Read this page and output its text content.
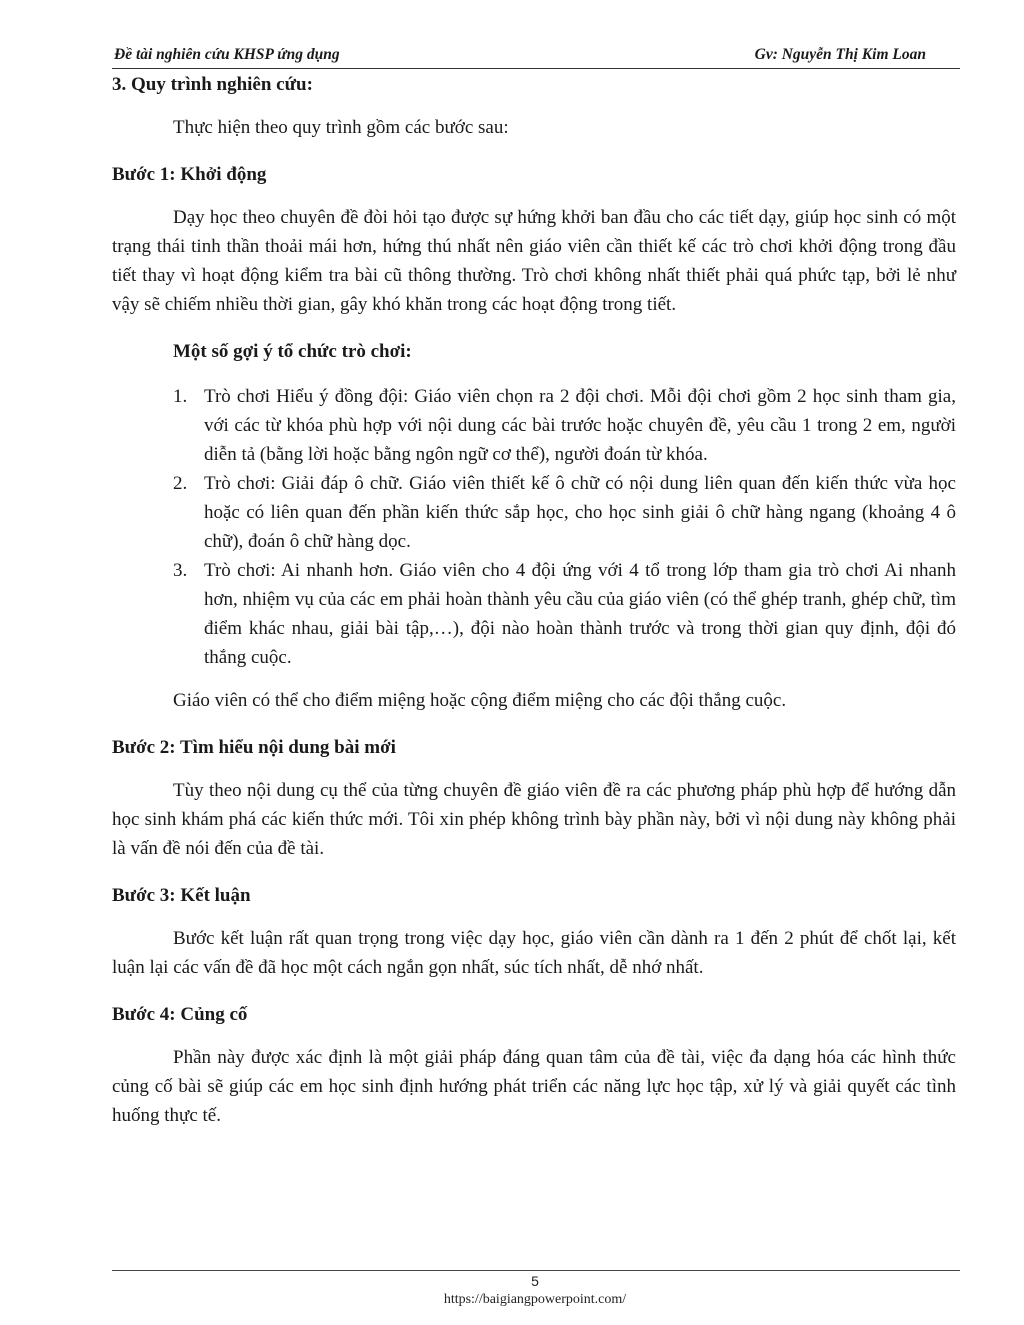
Đề tài nghiên cứu KHSP ứng dụng	Gv: Nguyễn Thị Kim Loan

3. Quy trình nghiên cứu:

Thực hiện theo quy trình gồm các bước sau:

Bước 1: Khởi động

Dạy học theo chuyên đề đòi hỏi tạo được sự hứng khởi ban đầu cho các tiết dạy, giúp học sinh có một trạng thái tinh thần thoải mái hơn, hứng thú nhất nên giáo viên cần thiết kế các trò chơi khởi động trong đầu tiết thay vì hoạt động kiểm tra bài cũ thông thường. Trò chơi không nhất thiết phải quá phức tạp, bởi lẻ như vậy sẽ chiếm nhiều thời gian, gây khó khăn trong các hoạt động trong tiết.

Một số gợi ý tổ chức trò chơi:

1. Trò chơi Hiểu ý đồng đội: Giáo viên chọn ra 2 đội chơi. Mỗi đội chơi gồm 2 học sinh tham gia, với các từ khóa phù hợp với nội dung các bài trước hoặc chuyên đề, yêu cầu 1 trong 2 em, người diễn tả (bằng lời hoặc bằng ngôn ngữ cơ thể), người đoán từ khóa.
2. Trò chơi: Giải đáp ô chữ. Giáo viên thiết kế ô chữ có nội dung liên quan đến kiến thức vừa học hoặc có liên quan đến phần kiến thức sắp học, cho học sinh giải ô chữ hàng ngang (khoảng 4 ô chữ), đoán ô chữ hàng dọc.
3. Trò chơi: Ai nhanh hơn. Giáo viên cho 4 đội ứng với 4 tổ trong lớp tham gia trò chơi Ai nhanh hơn, nhiệm vụ của các em phải hoàn thành yêu cầu của giáo viên (có thể ghép tranh, ghép chữ, tìm điểm khác nhau, giải bài tập,…), đội nào hoàn thành trước và trong thời gian quy định, đội đó thắng cuộc.

Giáo viên có thể cho điểm miệng hoặc cộng điểm miệng cho các đội thắng cuộc.

Bước 2: Tìm hiểu nội dung bài mới

Tùy theo nội dung cụ thể của từng chuyên đề giáo viên đề ra các phương pháp phù hợp để hướng dẫn học sinh khám phá các kiến thức mới. Tôi xin phép không trình bày phần này, bởi vì nội dung này không phải là vấn đề nói đến của đề tài.

Bước 3: Kết luận

Bước kết luận rất quan trọng trong việc dạy học, giáo viên cần dành ra 1 đến 2 phút để chốt lại, kết luận lại các vấn đề đã học một cách ngắn gọn nhất, súc tích nhất, dễ nhớ nhất.

Bước 4: Củng cố

Phần này được xác định là một giải pháp đáng quan tâm của đề tài, việc đa dạng hóa các hình thức củng cố bài sẽ giúp các em học sinh định hướng phát triển các năng lực học tập, xử lý và giải quyết các tình huống thực tế.

5
https://baigiangpowerpoint.com/
